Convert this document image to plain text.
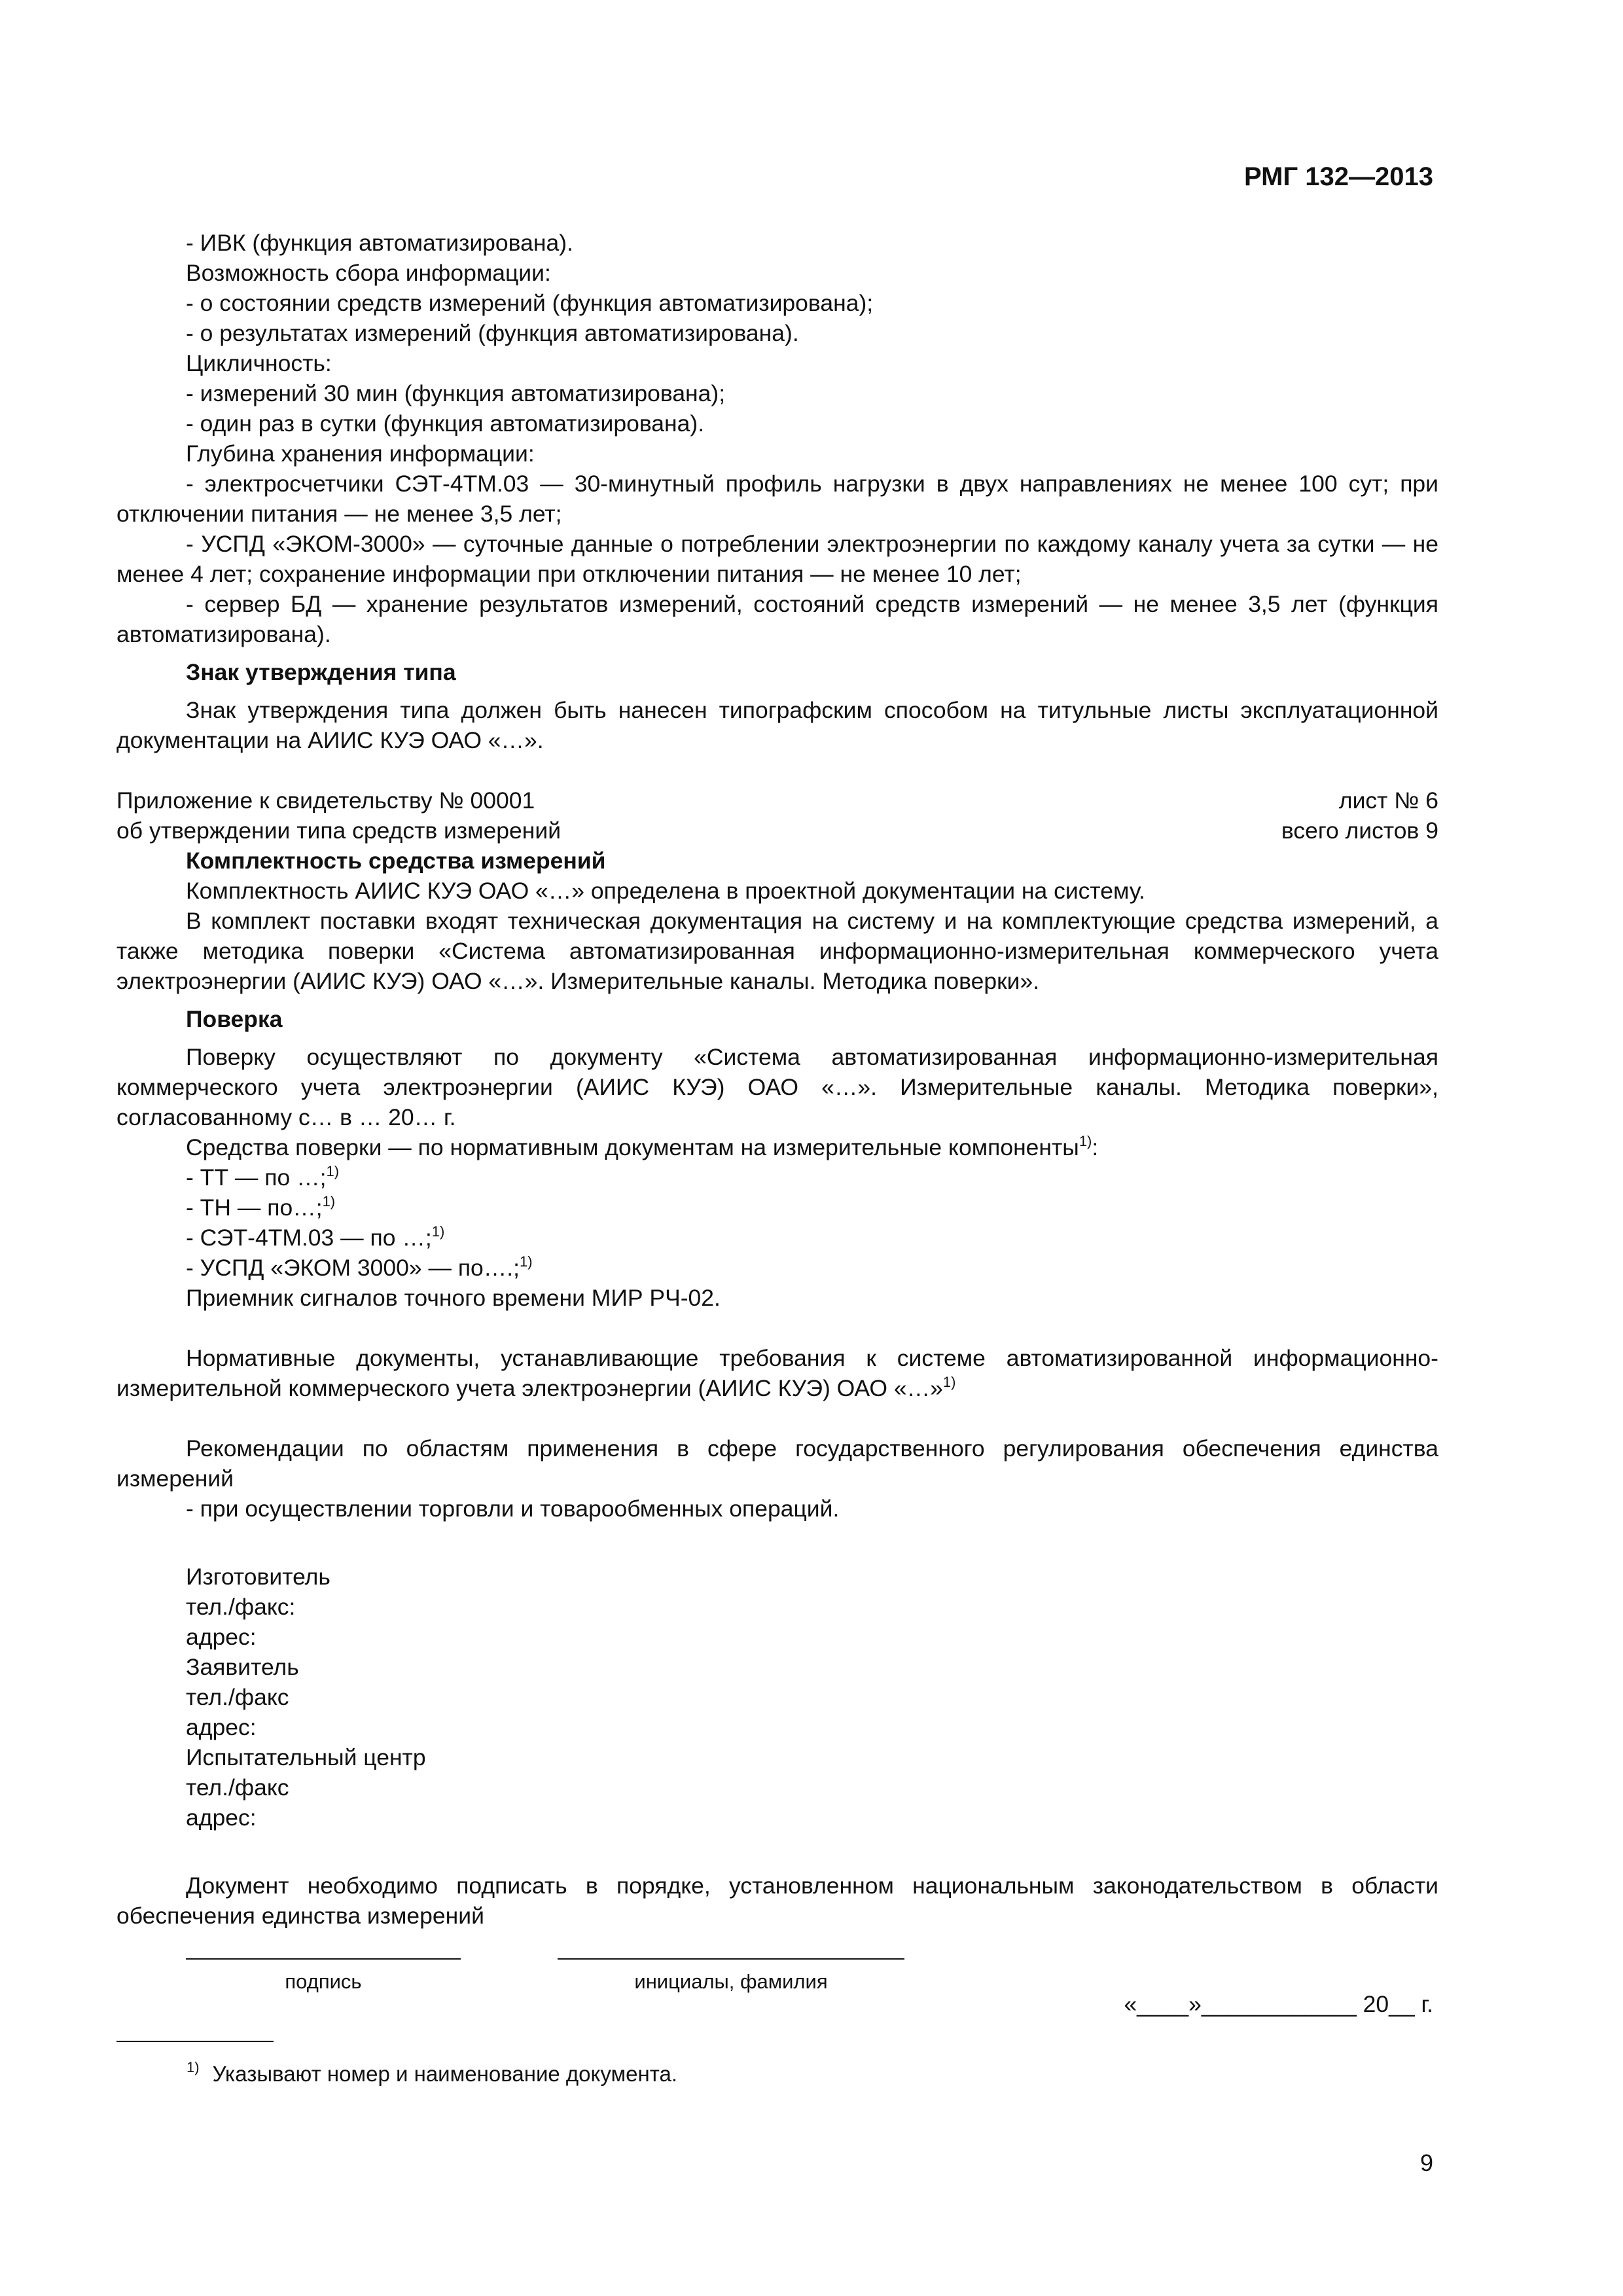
РМГ 132—2013

- ИВК (функция автоматизирована).

Возможность сбора информации:

- о состоянии средств измерений (функция автоматизирована);

- о результатах измерений (функция автоматизирована).

Цикличность:

- измерений 30 мин (функция автоматизирована);

- один раз в сутки (функция автоматизирована).

Глубина хранения информации:

- электросчетчики СЭТ-4ТМ.03 — 30-минутный профиль нагрузки в двух направлениях не менее 100 сут; при отключении питания — не менее 3,5 лет;

- УСПД «ЭКОМ-3000» — суточные данные о потреблении электроэнергии по каждому каналу учета за сутки — не менее 4 лет; сохранение информации при отключении питания — не менее 10 лет;

- сервер БД — хранение результатов измерений, состояний средств измерений — не менее 3,5 лет (функция автоматизирована).

Знак утверждения типа

Знак утверждения типа должен быть нанесен типографским способом на титульные листы эксплуатационной документации на АИИС КУЭ ОАО «…».

Приложение к свидетельству № 00001	лист № 6
об утверждении типа средств измерений	всего листов 9

Комплектность средства измерений

Комплектность АИИС КУЭ ОАО «…» определена в проектной документации на систему.

В комплект поставки входят техническая документация на систему и на комплектующие средства измерений, а также методика поверки «Система автоматизированная информационно-измерительная коммерческого учета электроэнергии (АИИС КУЭ) ОАО «…». Измерительные каналы. Методика поверки».

Поверка

Поверку осуществляют по документу «Система автоматизированная информационно-измерительная коммерческого учета электроэнергии (АИИС КУЭ) ОАО «…». Измерительные каналы. Методика поверки», согласованному с… в … 20… г.

Средства поверки — по нормативным документам на измерительные компоненты$^{1)}$:

- ТТ — по …;$^{1)}$

- ТН — по…;$^{1)}$

- СЭТ-4ТМ.03 — по …;$^{1)}$

- УСПД «ЭКОМ 3000» — по….;$^{1)}$

Приемник сигналов точного времени МИР РЧ-02.

Нормативные документы, устанавливающие требования к системе автоматизированной информационно-измерительной коммерческого учета электроэнергии (АИИС КУЭ) ОАО «…»$^{1)}$

Рекомендации по областям применения в сфере государственного регулирования обеспечения единства измерений

- при осуществлении торговли и товарообменных операций.

Изготовитель

тел./факс:

адрес:

Заявитель

тел./факс

адрес:

Испытательный центр

тел./факс

адрес:

Документ необходимо подписать в порядке, установленном национальным законодательством в области обеспечения единства измерений

подпись	инициалы, фамилия
«____»____________ 20__ г.
$^{1)}$ Указывают номер и наименование документа.
9
